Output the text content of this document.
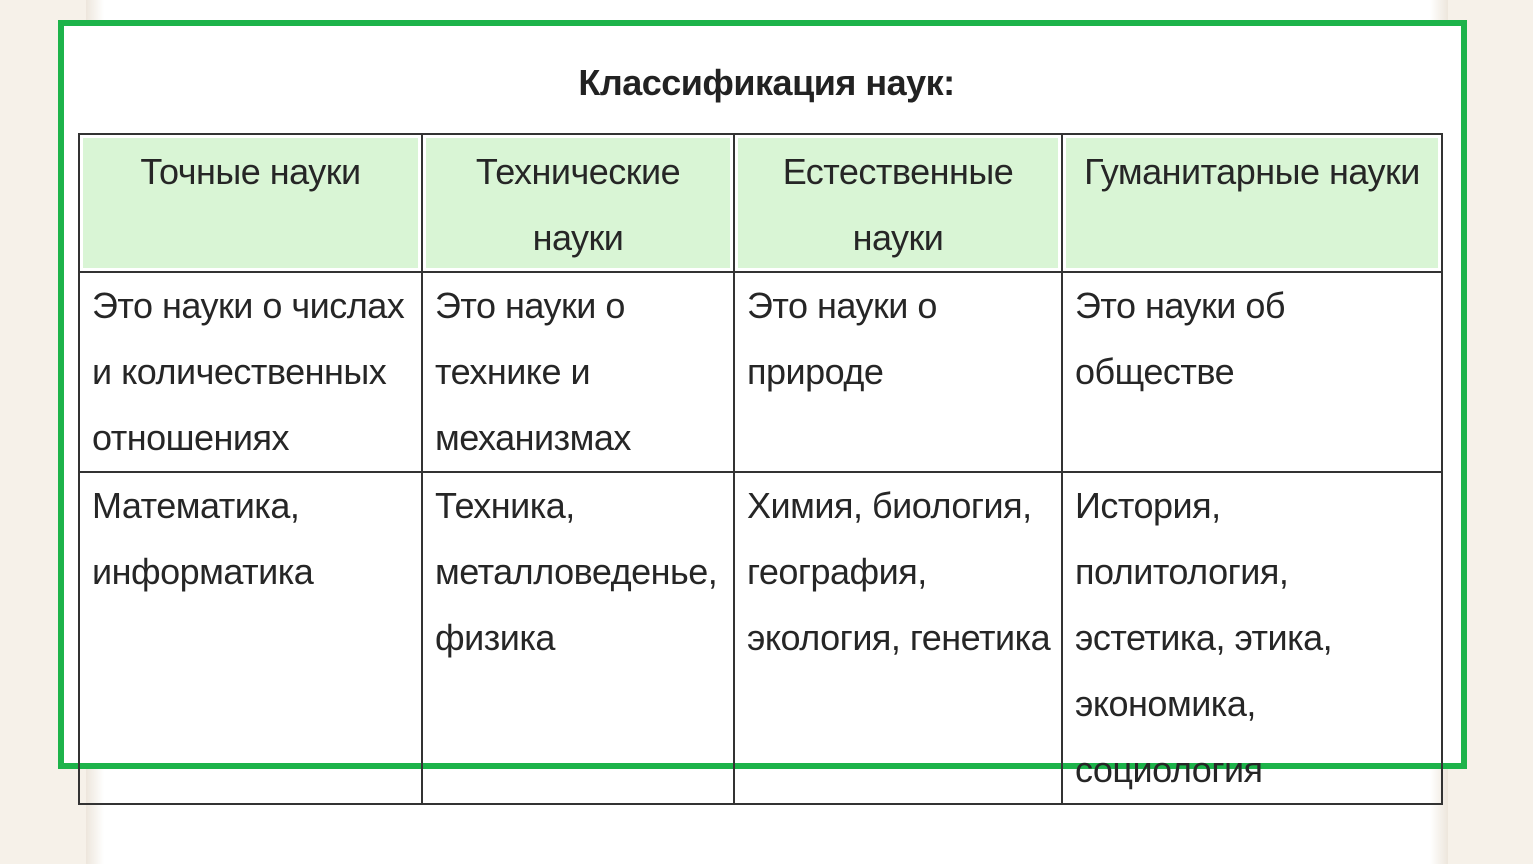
Классификация наук:
Точные науки	Технические науки	Естественные науки	Гуманитарные науки
Это науки о числах и количественных отношениях	Это науки о технике и механизмах	Это науки о природе	Это науки об обществе
Математика, информатика	Техника, металловеденье, физика	Химия, биология, география, экология, генетика	История, политология, эстетика, этика, экономика, социология
